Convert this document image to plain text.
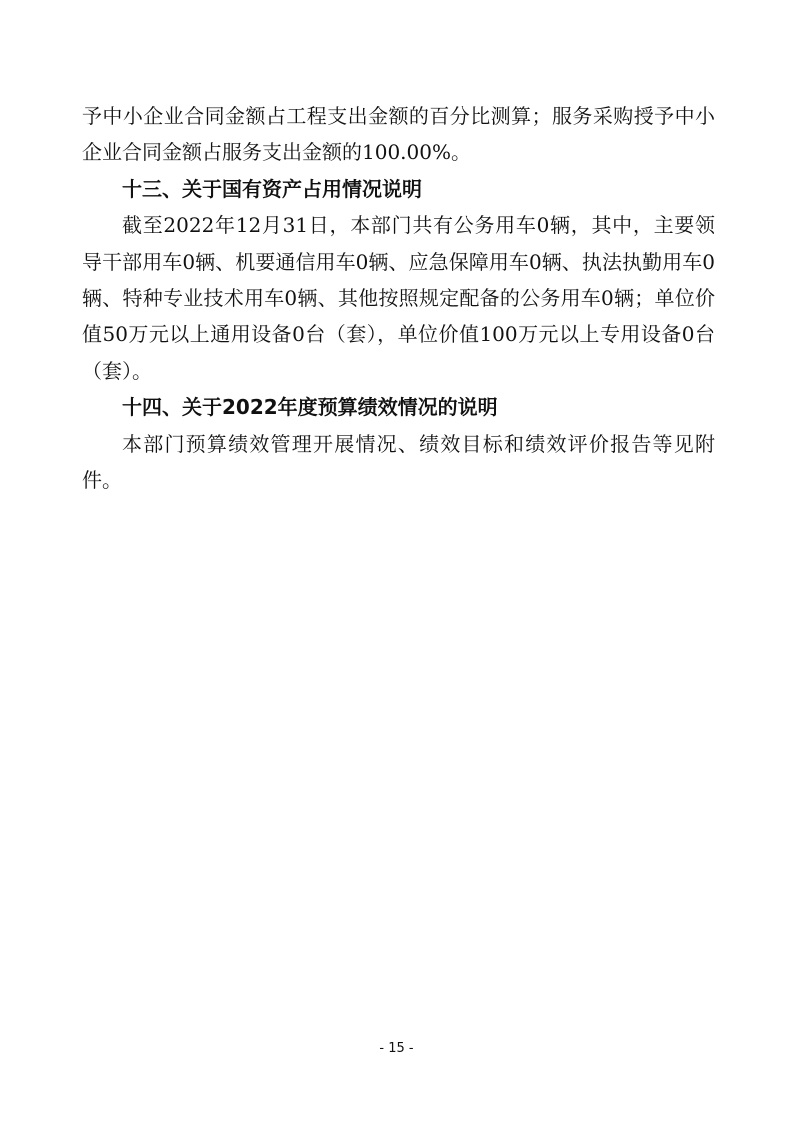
予中小企业合同金额占工程支出金额的百分比测算；服务采购授予中小企业合同金额占服务支出金额的100.00%。

十三、关于国有资产占用情况说明

截至2022年12月31日，本部门共有公务用车0辆，其中，主要领导干部用车0辆、机要通信用车0辆、应急保障用车0辆、执法执勤用车0辆、特种专业技术用车0辆、其他按照规定配备的公务用车0辆；单位价值50万元以上通用设备0台（套），单位价值100万元以上专用设备0台（套）。

十四、关于2022年度预算绩效情况的说明

本部门预算绩效管理开展情况、绩效目标和绩效评价报告等见附件。

- 15 -
